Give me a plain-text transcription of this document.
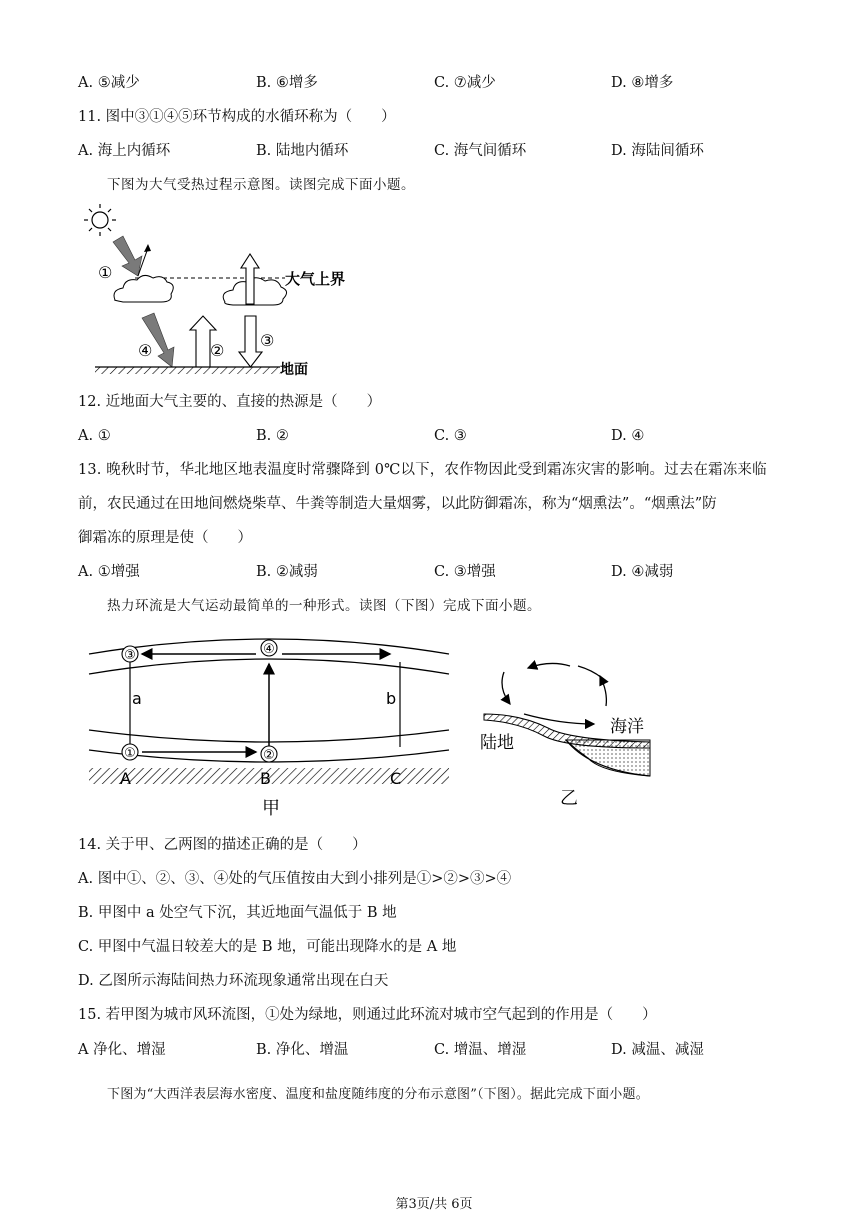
A. ⑤减少	B. ⑥增多	C. ⑦减少	D. ⑧增多
11. 图中③①④⑤环节构成的水循环称为（　　）
A. 海上内循环	B. 陆地内循环	C. 海气间循环	D. 海陆间循环
下图为大气受热过程示意图。读图完成下面小题。
大气上界
①
④	②
③
地面
12. 近地面大气主要的、直接的热源是（　　）
A. ①	B. ②	C. ③	D. ④
13. 晚秋时节，华北地区地表温度时常骤降到 0℃以下，农作物因此受到霜冻灾害的影响。过去在霜冻来临
前，农民通过在田地间燃烧柴草、牛粪等制造大量烟雾，以此防御霜冻，称为“烟熏法”。“烟熏法”防
御霜冻的原理是使（　　）
A. ①增强	B. ②减弱	C. ③增强	D. ④减弱
热力环流是大气运动最简单的一种形式。读图（下图）完成下面小题。
③	④
①	②
a	b
A	B	C
甲
海洋
陆地
乙
14. 关于甲、乙两图的描述正确的是（　　）
A. 图中①、②、③、④处的气压值按由大到小排列是①>②>③>④
B. 甲图中 a 处空气下沉，其近地面气温低于 B 地
C. 甲图中气温日较差大的是 B 地，可能出现降水的是 A 地
D. 乙图所示海陆间热力环流现象通常出现在白天
15. 若甲图为城市风环流图，①处为绿地，则通过此环流对城市空气起到的作用是（　　）
A 净化、增湿	B. 净化、增温	C. 增温、增湿	D. 减温、减湿
下图为“大西洋表层海水密度、温度和盐度随纬度的分布示意图”（下图）。据此完成下面小题。
第3页/共 6页
